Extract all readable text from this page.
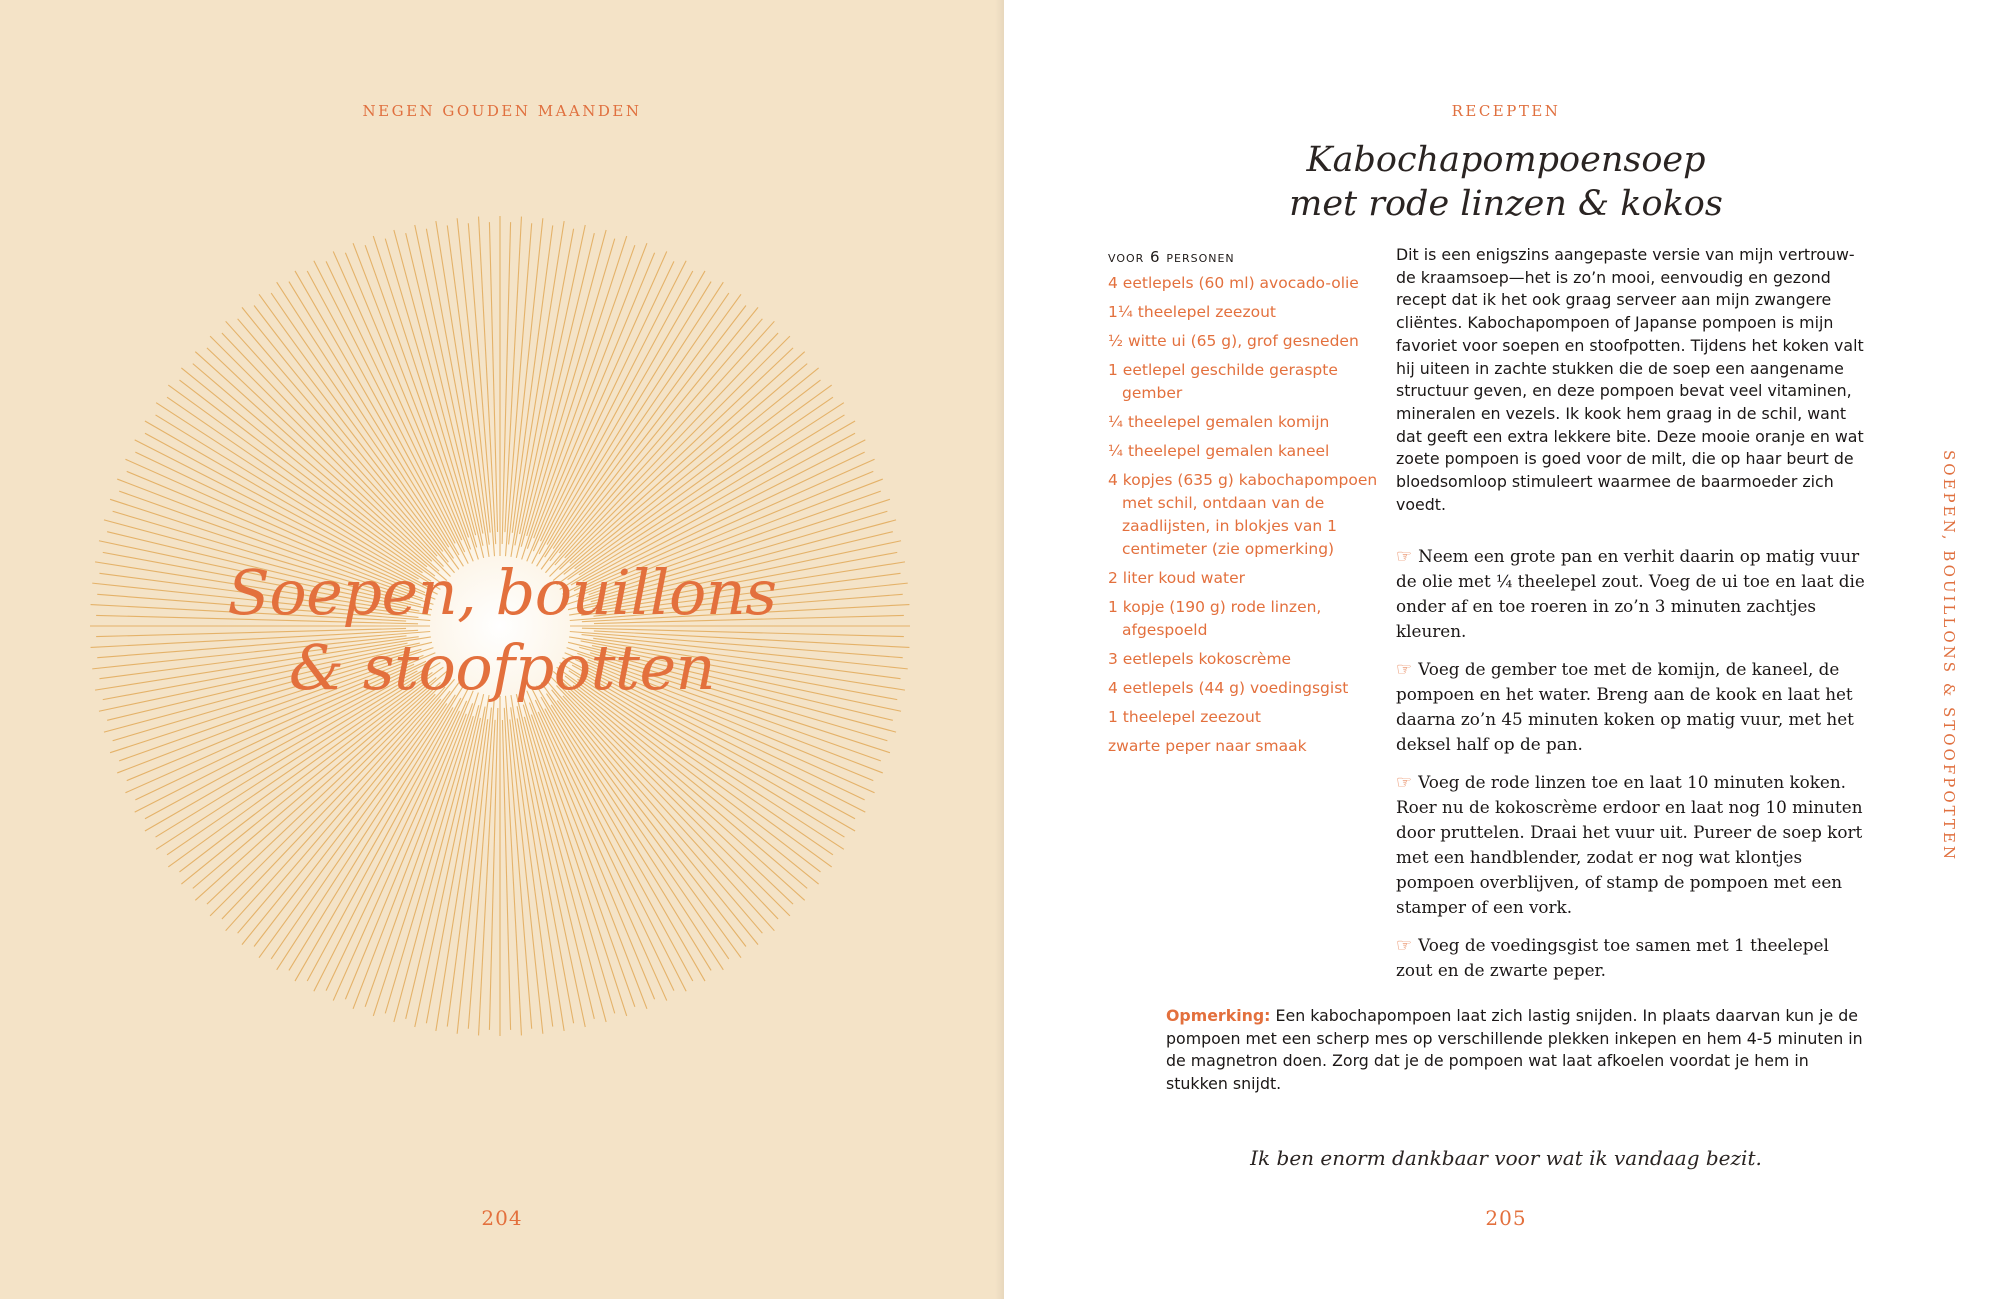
NEGEN GOUDEN MAANDEN
Soepen, bouillons
& stoofpotten
204
RECEPTEN
Kabochapompoensoep
met rode linzen & kokos
voor 6 personen
4 eetlepels (60 ml) avocado-olie
1¼ theelepel zeezout
½ witte ui (65 g), grof gesneden
1 eetlepel geschilde geraspte gember
¼ theelepel gemalen komijn
¼ theelepel gemalen kaneel
4 kopjes (635 g) kabochapompoen met schil, ontdaan van de zaadlijsten, in blokjes van 1 centimeter (zie opmerking)
2 liter koud water
1 kopje (190 g) rode linzen, afgespoeld
3 eetlepels kokoscrème
4 eetlepels (44 g) voedingsgist
1 theelepel zeezout
zwarte peper naar smaak

Dit is een enigszins aangepaste versie van mijn vertrouwde kraamsoep—het is zo’n mooi, eenvoudig en gezond recept dat ik het ook graag serveer aan mijn zwangere cliëntes. Kabochapompoen of Japanse pompoen is mijn favoriet voor soepen en stoofpotten. Tijdens het koken valt hij uiteen in zachte stukken die de soep een aangename structuur geven, en deze pompoen bevat veel vitaminen, mineralen en vezels. Ik kook hem graag in de schil, want dat geeft een extra lekkere bite. Deze mooie oranje en wat zoete pompoen is goed voor de milt, die op haar beurt de bloedsomloop stimuleert waarmee de baarmoeder zich voedt.

☞ Neem een grote pan en verhit daarin op matig vuur de olie met ¼ theelepel zout. Voeg de ui toe en laat die onder af en toe roeren in zo’n 3 minuten zachtjes kleuren.

☞ Voeg de gember toe met de komijn, de kaneel, de pompoen en het water. Breng aan de kook en laat het daarna zo’n 45 minuten koken op matig vuur, met het deksel half op de pan.

☞ Voeg de rode linzen toe en laat 10 minuten koken. Roer nu de kokoscrème erdoor en laat nog 10 minuten door pruttelen. Draai het vuur uit. Pureer de soep kort met een handblender, zodat er nog wat klontjes pompoen overblijven, of stamp de pompoen met een stamper of een vork.

☞ Voeg de voedingsgist toe samen met 1 theelepel zout en de zwarte peper.

Opmerking: Een kabochapompoen laat zich lastig snijden. In plaats daarvan kun je de pompoen met een scherp mes op verschillende plekken inkepen en hem 4-5 minuten in de magnetron doen. Zorg dat je de pompoen wat laat afkoelen voordat je hem in stukken snijdt.

Ik ben enorm dankbaar voor wat ik vandaag bezit.
205
SOEPEN, BOUILLONS & STOOFPOTTEN
